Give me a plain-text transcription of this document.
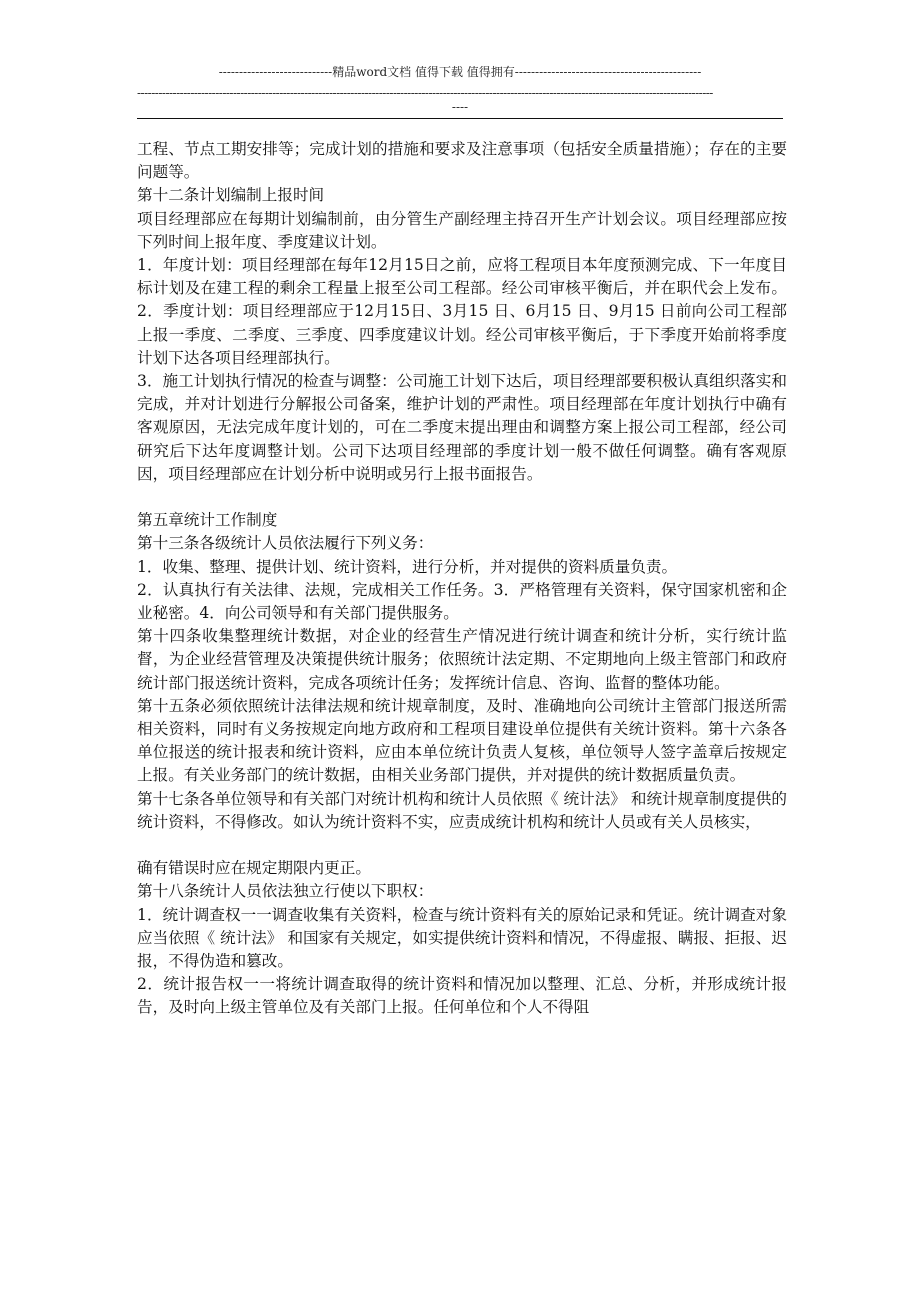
----------------------------精品word文档 值得下载 值得拥有----------------------------------------------
------------------------------------------------------------------------------------------------------------------------------------------------------------------
----

工程、节点工期安排等；完成计划的措施和要求及注意事项（包括安全质量措施）；存在的主要问题等。

第十二条计划编制上报时间

项目经理部应在每期计划编制前，由分管生产副经理主持召开生产计划会议。项目经理部应按下列时间上报年度、季度建议计划。

1．年度计划：项目经理部在每年12月15日之前，应将工程项目本年度预测完成、下一年度目标计划及在建工程的剩余工程量上报至公司工程部。经公司审核平衡后，并在职代会上发布。2．季度计划：项目经理部应于12月15日、3月15 日、6月15 日、9月15 日前向公司工程部上报一季度、二季度、三季度、四季度建议计划。经公司审核平衡后，于下季度开始前将季度计划下达各项目经理部执行。

3．施工计划执行情况的检查与调整：公司施工计划下达后，项目经理部要积极认真组织落实和完成，并对计划进行分解报公司备案，维护计划的严肃性。项目经理部在年度计划执行中确有客观原因，无法完成年度计划的，可在二季度末提出理由和调整方案上报公司工程部，经公司研究后下达年度调整计划。公司下达项目经理部的季度计划一般不做任何调整。确有客观原因，项目经理部应在计划分析中说明或另行上报书面报告。

第五章统计工作制度

第十三条各级统计人员依法履行下列义务：

1．收集、整理、提供计划、统计资料，进行分析，并对提供的资料质量负责。

2．认真执行有关法律、法规，完成相关工作任务。3．严格管理有关资料，保守国家机密和企业秘密。4．向公司领导和有关部门提供服务。

第十四条收集整理统计数据，对企业的经营生产情况进行统计调查和统计分析，实行统计监督，为企业经营管理及决策提供统计服务；依照统计法定期、不定期地向上级主管部门和政府统计部门报送统计资料，完成各项统计任务；发挥统计信息、咨询、监督的整体功能。

第十五条必须依照统计法律法规和统计规章制度，及时、准确地向公司统计主管部门报送所需相关资料，同时有义务按规定向地方政府和工程项目建设单位提供有关统计资料。第十六条各单位报送的统计报表和统计资料，应由本单位统计负责人复核，单位领导人签字盖章后按规定上报。有关业务部门的统计数据，由相关业务部门提供，并对提供的统计数据质量负责。

第十七条各单位领导和有关部门对统计机构和统计人员依照《 统计法》 和统计规章制度提供的统计资料，不得修改。如认为统计资料不实，应责成统计机构和统计人员或有关人员核实，

确有错误时应在规定期限内更正。

第十八条统计人员依法独立行使以下职权：

1．统计调查权一一调查收集有关资料，检查与统计资料有关的原始记录和凭证。统计调查对象应当依照《 统计法》 和国家有关规定，如实提供统计资料和情况，不得虚报、瞒报、拒报、迟报，不得伪造和篡改。

2．统计报告权一一将统计调查取得的统计资料和情况加以整理、汇总、分析，并形成统计报告，及时向上级主管单位及有关部门上报。任何单位和个人不得阻
